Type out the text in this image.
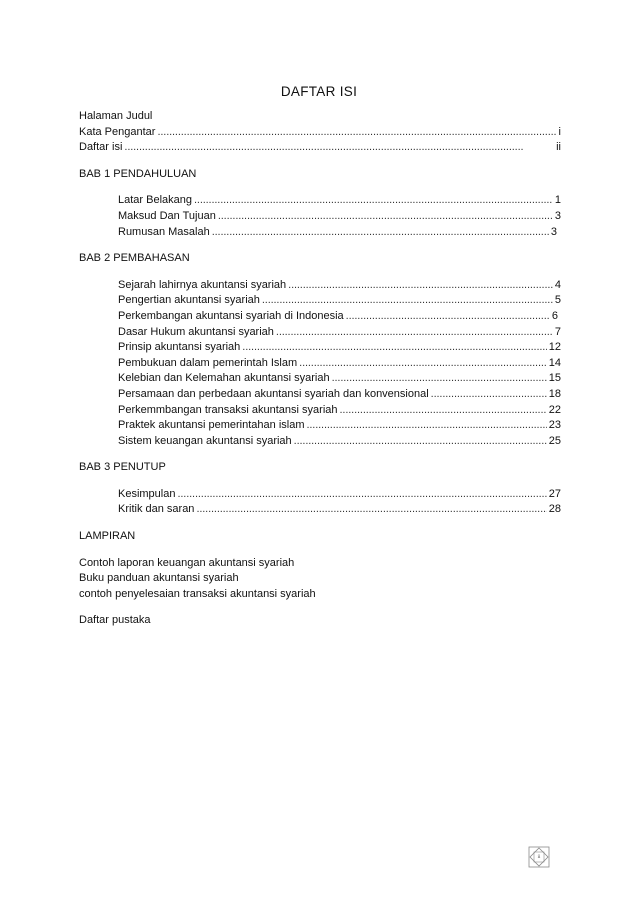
DAFTAR ISI
Halaman Judul
Kata Pengantar . . .	i
Daftar isi . . .	ii
BAB 1 PENDAHULUAN
Latar Belakang . . .	1
Maksud Dan Tujuan . . .	3
Rumusan Masalah . . .	3
BAB 2 PEMBAHASAN
Sejarah lahirnya akuntansi syariah . . .	4
Pengertian akuntansi syariah . . .	5
Perkembangan akuntansi syariah di Indonesia . . .	6
Dasar Hukum akuntansi syariah . . .	7
Prinsip akuntansi syariah . . .	12
Pembukuan dalam pemerintah Islam . . .	14
Kelebian dan Kelemahan akuntansi syariah . . .	15
Persamaan dan perbedaan akuntansi syariah dan konvensional . . .	18
Perkemmbangan transaksi akuntansi syariah . . .	22
Praktek akuntansi pemerintahan islam . . .	23
Sistem keuangan akuntansi syariah . . .	25
BAB 3 PENUTUP
Kesimpulan . . .	27
Kritik dan saran . . .	28
LAMPIRAN
Contoh laporan keuangan akuntansi syariah
Buku panduan akuntansi syariah
contoh penyelesaian transaksi akuntansi syariah
Daftar pustaka
ii
